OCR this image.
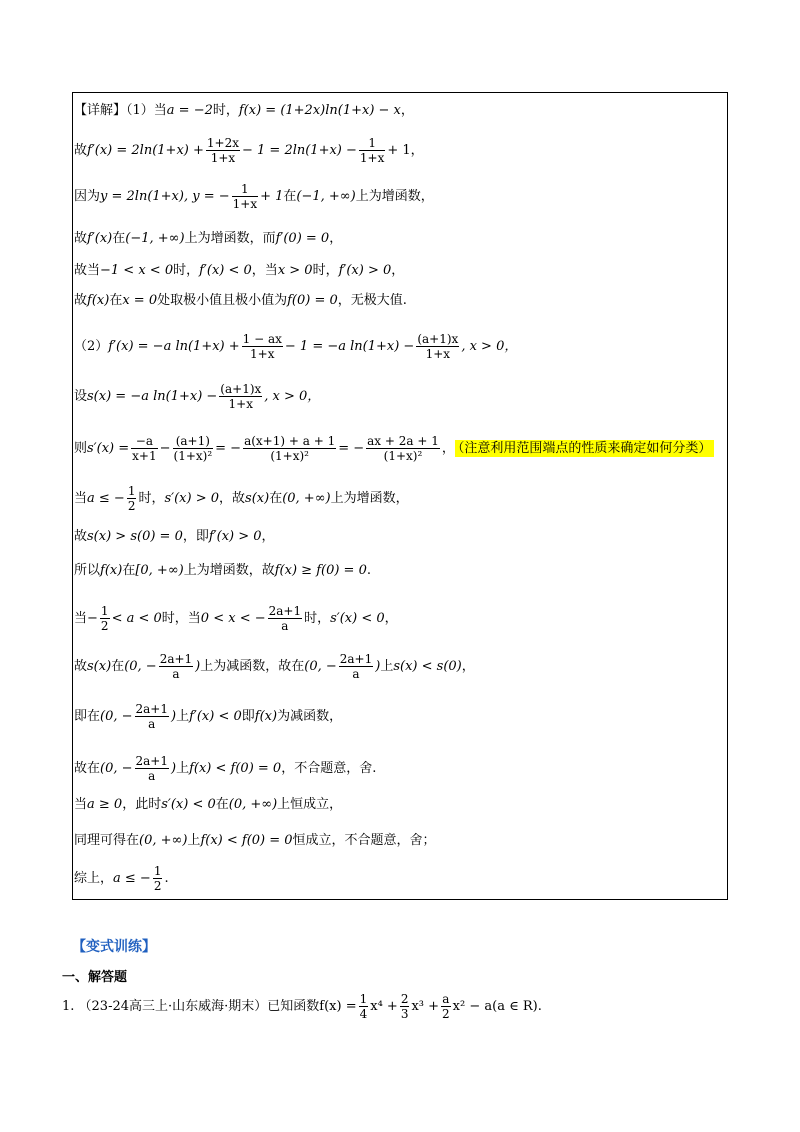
【详解】（1）当a = −2时，f(x) = (1+2x)ln(1+x) − x，
故$f'(x) = 2\ln(1+x) + \frac{1+2x}{1+x} - 1 = 2\ln(1+x) - \frac{1}{1+x} + 1$，
因为y = 2ln(1+x), y = − $\frac{1}{1+x} + 1$在(−1, +∞)上为增函数，
故f′(x)在(−1, +∞)上为增函数，而f′(0) = 0，
故当−1 < x < 0时，f′(x) < 0，当x > 0时，f′(x) > 0，
故f(x)在x = 0处取极小值且极小值为f(0) = 0，无极大值.
（2）f′(x) = −a $\ln(1+x) + \frac{1 - ax}{1+x} - 1 = -a$ $\ln(1+x) - \frac{(a+1)x}{1+x}$ , x > 0，
设s(x) = −a $\ln(1+x) - \frac{(a+1)x}{1+x}$ , x > 0，
则$s'(x) = \frac{-a}{x+1} - \frac{(a+1)}{\text{(1+x)²}}$ = − $\frac{a(x+1) + a + 1}{\text{(1+x)²}}$ = − $\frac{ax + 2a + 1}{\text{(1+x)²}}$ ， （注意利用范围端点的性质来确定如何分类）
当a ≤ − $\frac{1}{2}$ 时，s′(x) > 0，故s(x)在(0, +∞)上为增函数，
故s(x) > s(0) = 0，即f′(x) > 0，
所以f(x)在[0, +∞)上为增函数，故f(x) ≥ f(0) = 0.
当− $\frac{1}{2} < a < 0$时，当0 < x < − $\frac{2a+1}{a}$ 时，s′(x) < 0，
故s(x)在(0, − $\frac{2a+1}{a}$ )上为减函数，故在(0, − $\frac{2a+1}{a}$ )上s(x) < s(0)，
即在(0, − $\frac{2a+1}{a}$ )上f′(x) < 0即f(x)为减函数，
故在(0, − $\frac{2a+1}{a}$ )上f(x) < f(0) = 0，不合题意，舍.
当a ≥ 0，此时s′(x) < 0在(0, +∞)上恒成立，
同理可得在(0, +∞)上f(x) < f(0) = 0恒成立，不合题意，舍；
综上，a ≤ − $\frac{1}{2}$ .
【变式训练】
一、解答题
1. （23-24高三上·山东威海·期末）已知函数$f(x) = \frac{1}{4} x^4 + \frac{2}{3} x^3 + \frac{a}{2} x^2 - a(a$ ∈ R).
